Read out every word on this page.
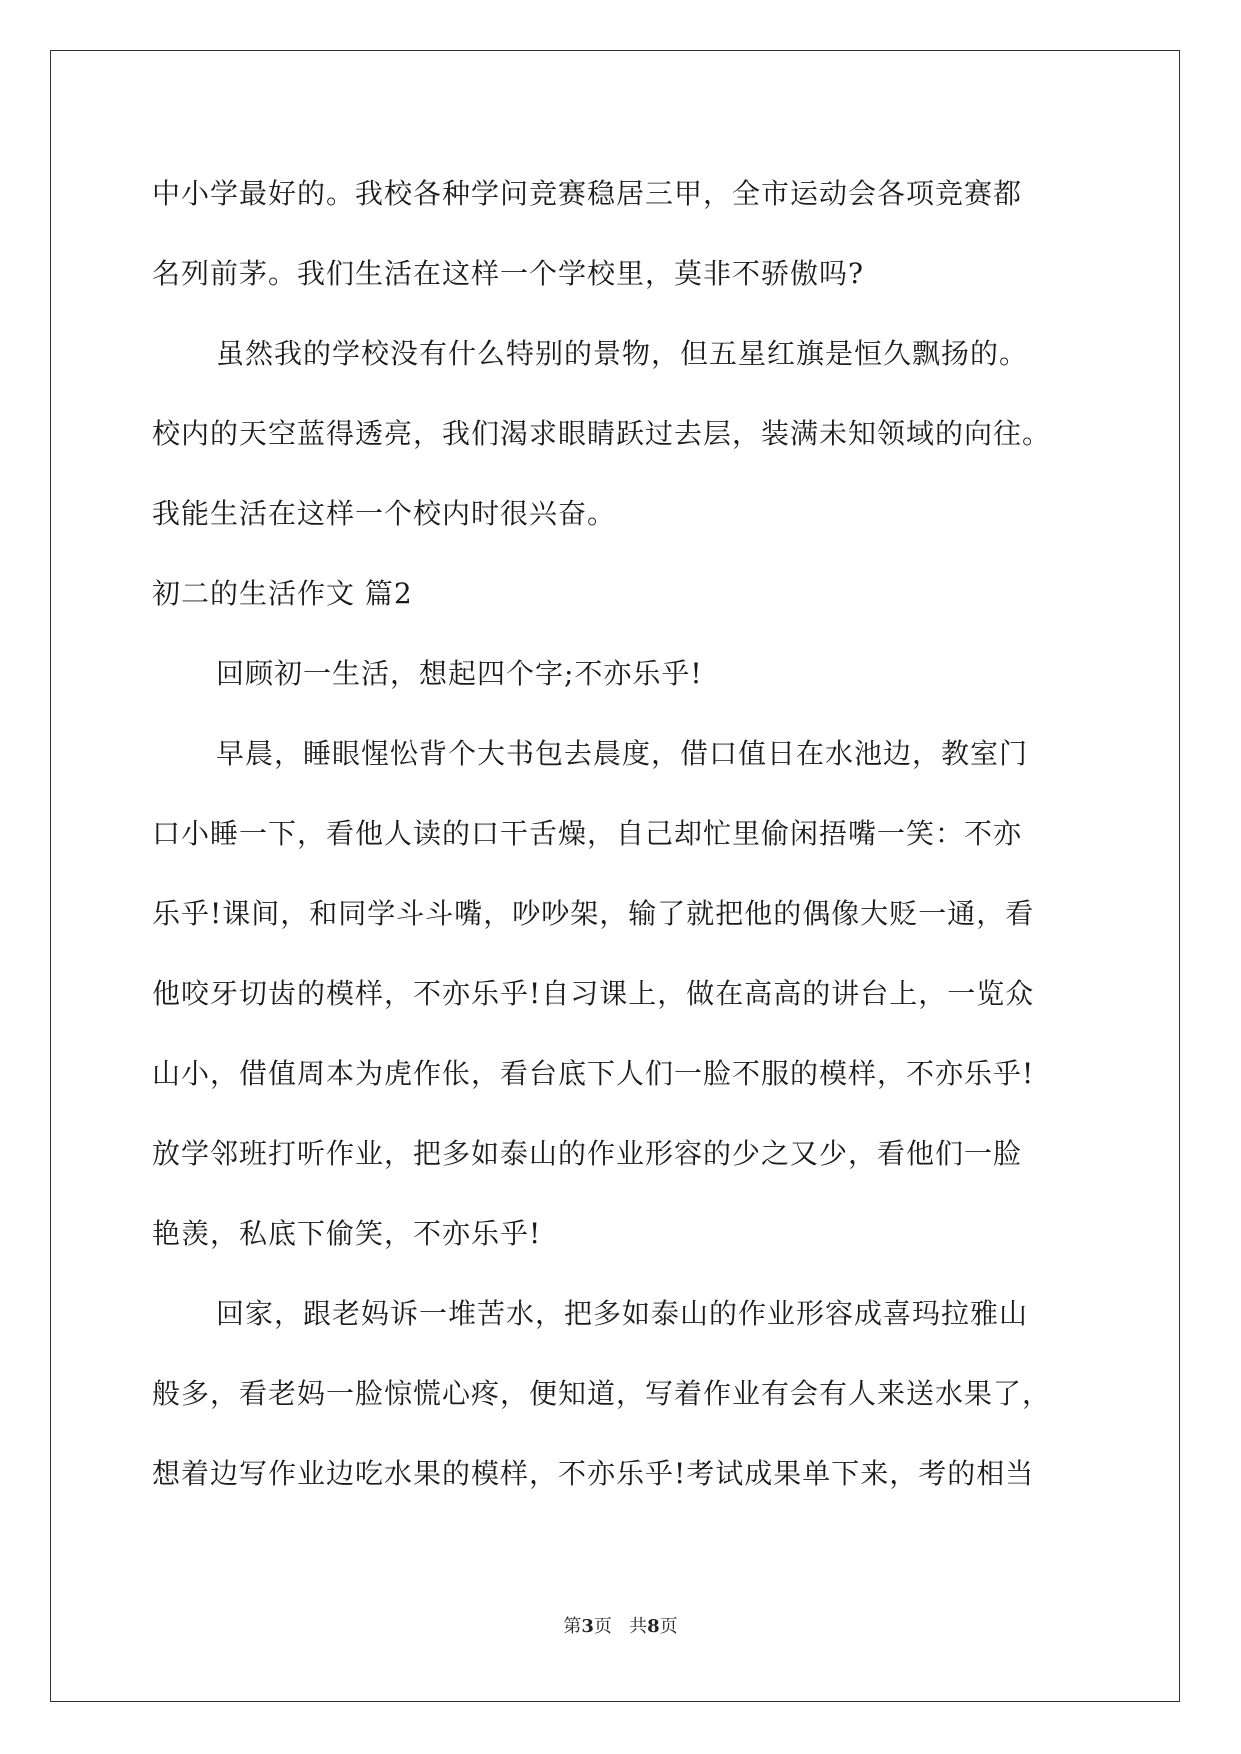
中小学最好的。我校各种学问竞赛稳居三甲，全市运动会各项竞赛都
名列前茅。我们生活在这样一个学校里，莫非不骄傲吗?
虽然我的学校没有什么特别的景物，但五星红旗是恒久飘扬的。
校内的天空蓝得透亮，我们渴求眼睛跃过去层，装满未知领域的向往。
我能生活在这样一个校内时很兴奋。
初二的生活作文 篇2
回顾初一生活，想起四个字;不亦乐乎!
早晨，睡眼惺忪背个大书包去晨度，借口值日在水池边，教室门
口小睡一下，看他人读的口干舌燥，自己却忙里偷闲捂嘴一笑：不亦
乐乎!课间，和同学斗斗嘴，吵吵架，输了就把他的偶像大贬一通，看
他咬牙切齿的模样，不亦乐乎!自习课上，做在高高的讲台上，一览众
山小，借值周本为虎作伥，看台底下人们一脸不服的模样，不亦乐乎!
放学邻班打听作业，把多如泰山的作业形容的少之又少，看他们一脸
艳羡，私底下偷笑，不亦乐乎!
回家，跟老妈诉一堆苦水，把多如泰山的作业形容成喜玛拉雅山
般多，看老妈一脸惊慌心疼，便知道，写着作业有会有人来送水果了，
想着边写作业边吃水果的模样，不亦乐乎!考试成果单下来，考的相当
第3页 共8页
